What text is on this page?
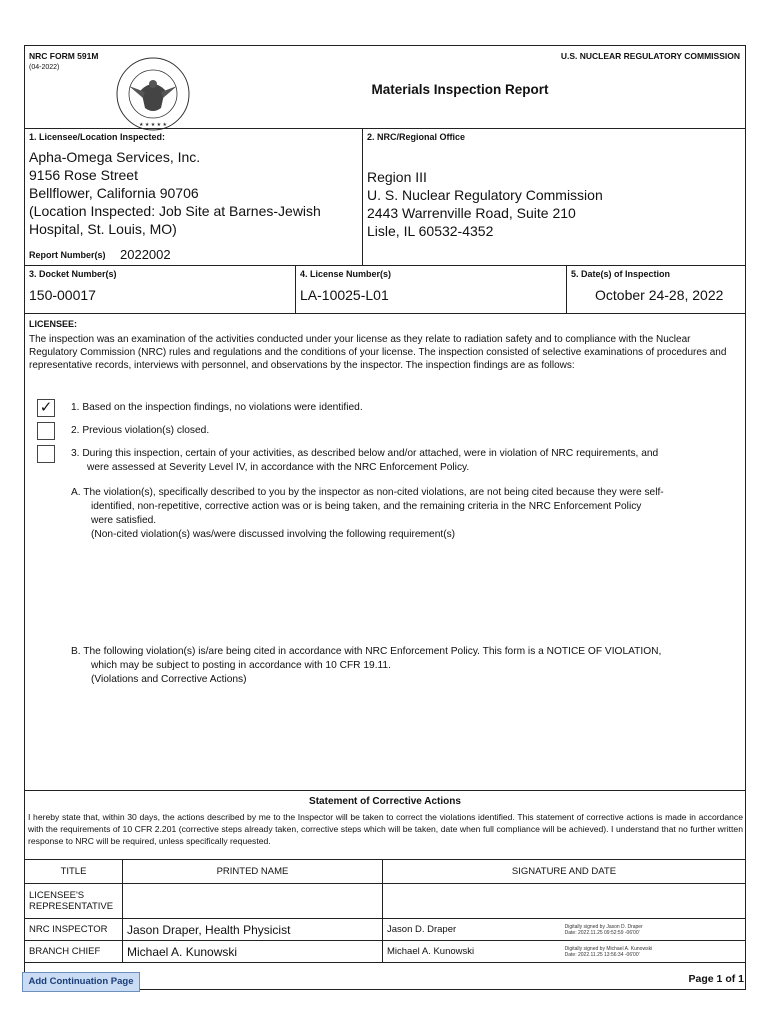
NRC FORM 591M
(04-2022)
U.S. NUCLEAR REGULATORY COMMISSION
★ ★ ★ ★ ★
Materials Inspection Report
1. Licensee/Location Inspected:
Apha-Omega Services, Inc.
9156 Rose Street
Bellflower, California 90706
(Location Inspected: Job Site at Barnes-Jewish
Hospital, St. Louis, MO)
2. NRC/Regional Office
Region III
U. S. Nuclear Regulatory Commission
2443 Warrenville Road, Suite 210
Lisle, IL 60532-4352
Report Number(s) 2022002
3. Docket Number(s)
150-00017
4. License Number(s)
LA-10025-L01
5. Date(s) of Inspection
October 24-28, 2022
LICENSEE:
The inspection was an examination of the activities conducted under your license as they relate to radiation safety and to compliance with the Nuclear Regulatory Commission (NRC) rules and regulations and the conditions of your license. The inspection consisted of selective examinations of procedures and representative records, interviews with personnel, and observations by the inspector. The inspection findings are as follows:
✓ 1. Based on the inspection findings, no violations were identified.
2. Previous violation(s) closed.
3. During this inspection, certain of your activities, as described below and/or attached, were in violation of NRC requirements, and
were assessed at Severity Level IV, in accordance with the NRC Enforcement Policy.
A. The violation(s), specifically described to you by the inspector as non-cited violations, are not being cited because they were self-
identified, non-repetitive, corrective action was or is being taken, and the remaining criteria in the NRC Enforcement Policy
were satisfied.
(Non-cited violation(s) was/were discussed involving the following requirement(s)
B. The following violation(s) is/are being cited in accordance with NRC Enforcement Policy. This form is a NOTICE OF VIOLATION,
which may be subject to posting in accordance with 10 CFR 19.11.
(Violations and Corrective Actions)
Statement of Corrective Actions
I hereby state that, within 30 days, the actions described by me to the Inspector will be taken to correct the violations identified. This statement of corrective actions is made in accordance with the requirements of 10 CFR 2.201 (corrective steps already taken, corrective steps which will be taken, date when full compliance will be achieved). I understand that no further written response to NRC will be required, unless specifically requested.
TITLE	PRINTED NAME	SIGNATURE AND DATE
LICENSEE'S
REPRESENTATIVE		
NRC INSPECTOR	Jason Draper, Health Physicist	Jason D. Draper Digitally signed by Jason D. Draper
Date: 2022.11.25 09:52:59 -06'00'
BRANCH CHIEF	Michael A. Kunowski	Michael A. Kunowski Digitally signed by Michael A. Kunowski
Date: 2022.11.25 13:56:34 -06'00'
Add Continuation Page	Page 1 of 1
